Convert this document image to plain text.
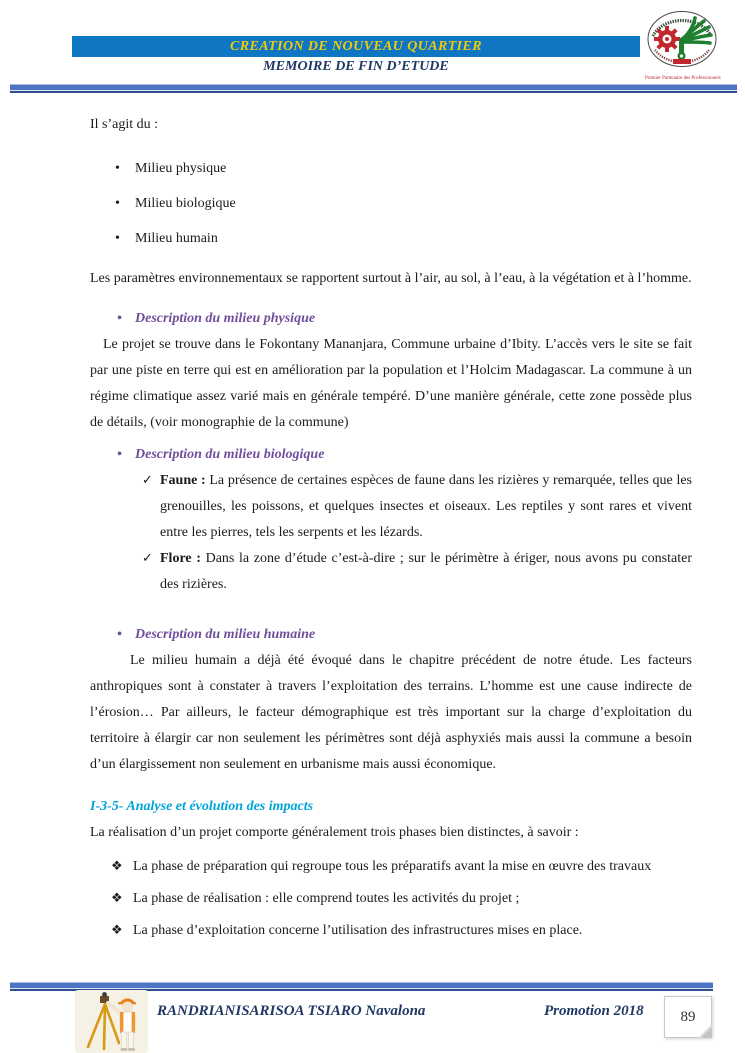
CREATION DE NOUVEAU QUARTIER
MEMOIRE DE FIN D’ETUDE
Premier Partenaire des Professionnels

Il s’agit du :

• Milieu physique
• Milieu biologique
• Milieu humain

Les paramètres environnementaux se rapportent surtout à l’air, au sol, à l’eau, à la végétation et à l’homme.

• Description du milieu physique

Le projet se trouve dans le Fokontany Mananjara, Commune urbaine d’Ibity. L’accès vers le site se fait par une piste en terre qui est en amélioration par la population et l’Holcim Madagascar. La commune à un régime climatique assez varié mais en générale tempéré. D’une manière générale, cette zone possède plus de détails, (voir monographie de la commune)

• Description du milieu biologique
✓ Faune : La présence de certaines espèces de faune dans les rizières y remarquée, telles que les grenouilles, les poissons, et quelques insectes et oiseaux. Les reptiles y sont rares et vivent entre les pierres, tels les serpents et les lézards.
✓ Flore : Dans la zone d’étude c’est-à-dire ; sur le périmètre à ériger, nous avons pu constater des rizières.
• Description du milieu humaine

Le milieu humain a déjà été évoqué dans le chapitre précédent de notre étude. Les facteurs anthropiques sont à constater à travers l’exploitation des terrains. L’homme est une cause indirecte de l’érosion… Par ailleurs, le facteur démographique est très important sur la charge d’exploitation du territoire à élargir car non seulement les périmètres sont déjà asphyxiés mais aussi la commune a besoin d’un élargissement non seulement en urbanisme mais aussi économique.

I-3-5- Analyse et évolution des impacts

La réalisation d’un projet comporte généralement trois phases bien distinctes, à savoir :

❖ La phase de préparation qui regroupe tous les préparatifs avant la mise en œuvre des travaux
❖ La phase de réalisation : elle comprend toutes les activités du projet ;
❖ La phase d’exploitation concerne l’utilisation des infrastructures mises en place.
RANDRIANISARISOA TSIARO Navalona	Promotion 2018 89
